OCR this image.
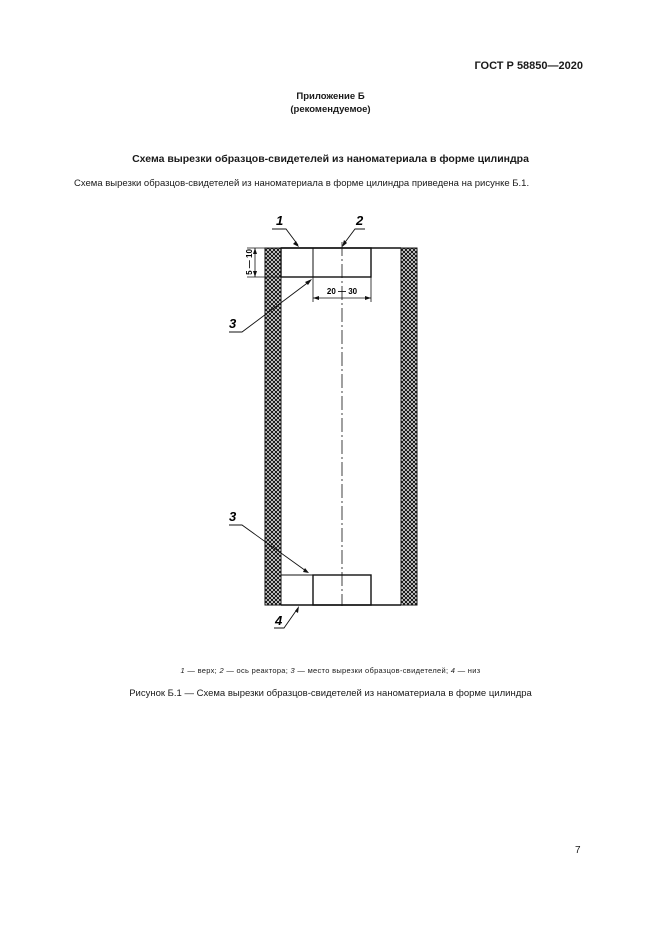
ГОСТ Р 58850—2020
Приложение Б
(рекомендуемое)
Схема вырезки образцов-свидетелей из наноматериала в форме цилиндра
Схема вырезки образцов-свидетелей из наноматериала в форме цилиндра приведена на рисунке Б.1.
20 — 30
5 — 10
1	2
3
3
4
1 — верх; 2 — ось реактора; 3 — место вырезки образцов-свидетелей; 4 — низ
Рисунок Б.1 — Схема вырезки образцов-свидетелей из наноматериала в форме цилиндра
7
